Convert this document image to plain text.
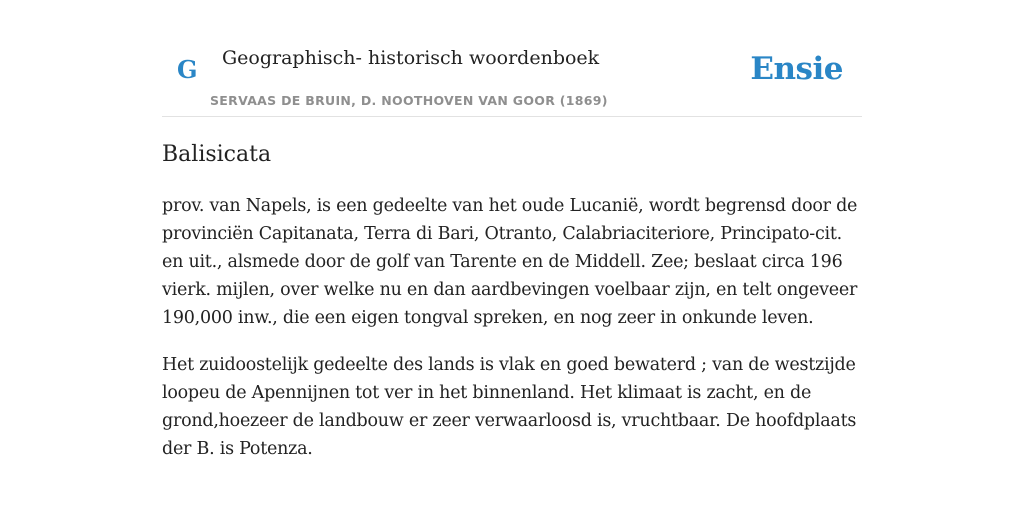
G Geographisch- historisch woordenboek
SERVAAS DE BRUIN, D. NOOTHOVEN VAN GOOR (1869)
Ensie
Balisicata

prov. van Napels, is een gedeelte van het oude Lucanië, wordt begrensd door de provinciën Capitanata, Terra di Bari, Otranto, Calabriaciteriore, Principato-cit. en uit., alsmede door de golf van Tarente en de Middell. Zee; beslaat circa 196 vierk. mijlen, over welke nu en dan aardbevingen voelbaar zijn, en telt ongeveer 190,000 inw., die een eigen tongval spreken, en nog zeer in onkunde leven.

Het zuidoostelijk gedeelte des lands is vlak en goed bewaterd ; van de westzijde loopeu de Apennijnen tot ver in het binnenland. Het klimaat is zacht, en de grond,hoezeer de landbouw er zeer verwaarloosd is, vruchtbaar. De hoofdplaats der B. is Potenza.
